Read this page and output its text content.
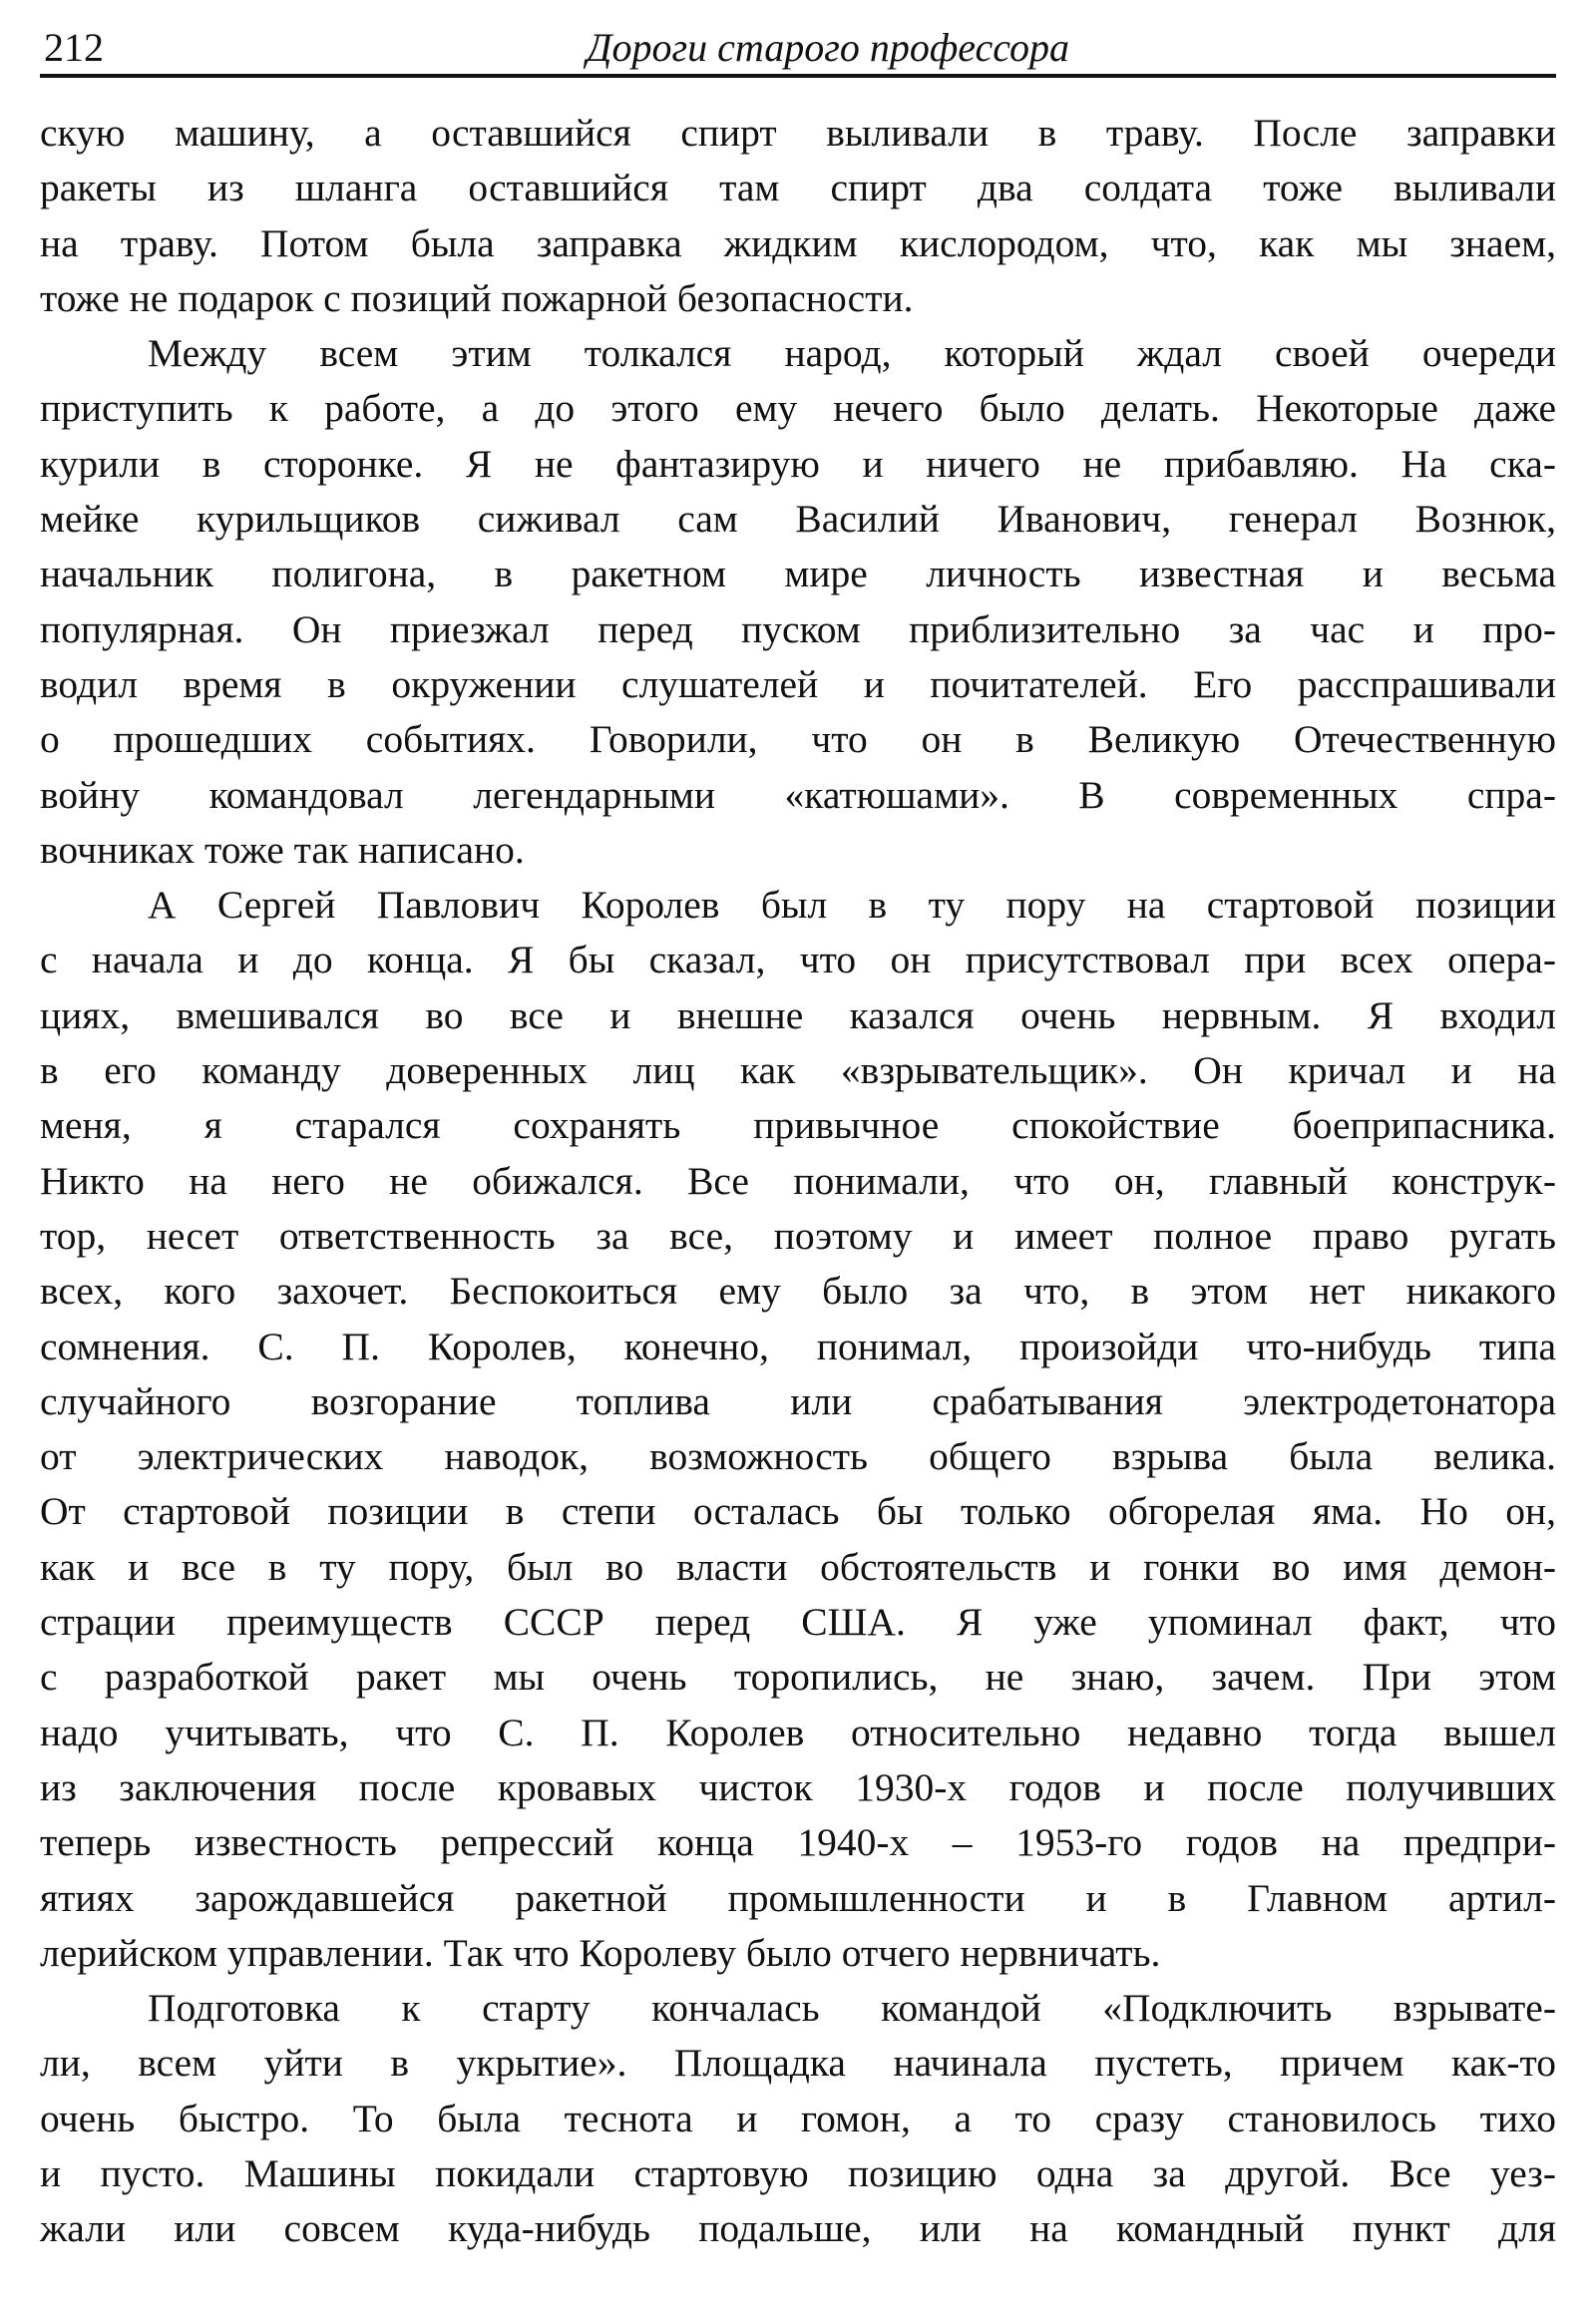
212	Дороги старого профессора
скую машину, а оставшийся спирт выливали в траву. После заправки
ракеты из шланга оставшийся там спирт два солдата тоже выливали
на траву. Потом была заправка жидким кислородом, что, как мы знаем,
тоже не подарок с позиций пожарной безопасности.
Между всем этим толкался народ, который ждал своей очереди
приступить к работе, а до этого ему нечего было делать. Некоторые даже
курили в сторонке. Я не фантазирую и ничего не прибавляю. На ска-
мейке курильщиков сиживал сам Василий Иванович, генерал Вознюк,
начальник полигона, в ракетном мире личность известная и весьма
популярная. Он приезжал перед пуском приблизительно за час и про-
водил время в окружении слушателей и почитателей. Его расспрашивали
о прошедших событиях. Говорили, что он в Великую Отечественную
войну командовал легендарными «катюшами». В современных спра-
вочниках тоже так написано.
А Сергей Павлович Королев был в ту пору на стартовой позиции
с начала и до конца. Я бы сказал, что он присутствовал при всех опера-
циях, вмешивался во все и внешне казался очень нервным. Я входил
в его команду доверенных лиц как «взрывательщик». Он кричал и на
меня, я старался сохранять привычное спокойствие боеприпасника.
Никто на него не обижался. Все понимали, что он, главный конструк-
тор, несет ответственность за все, поэтому и имеет полное право ругать
всех, кого захочет. Беспокоиться ему было за что, в этом нет никакого
сомнения. С. П. Королев, конечно, понимал, произойди что-нибудь типа
случайного возгорание топлива или срабатывания электродетонатора
от электрических наводок, возможность общего взрыва была велика.
От стартовой позиции в степи осталась бы только обгорелая яма. Но он,
как и все в ту пору, был во власти обстоятельств и гонки во имя демон-
страции преимуществ СССР перед США. Я уже упоминал факт, что
с разработкой ракет мы очень торопились, не знаю, зачем. При этом
надо учитывать, что С. П. Королев относительно недавно тогда вышел
из заключения после кровавых чисток 1930-х годов и после получивших
теперь известность репрессий конца 1940-х – 1953-го годов на предпри-
ятиях зарождавшейся ракетной промышленности и в Главном артил-
лерийском управлении. Так что Королеву было отчего нервничать.
Подготовка к старту кончалась командой «Подключить взрывате-
ли, всем уйти в укрытие». Площадка начинала пустеть, причем как-то
очень быстро. То была теснота и гомон, а то сразу становилось тихо
и пусто. Машины покидали стартовую позицию одна за другой. Все уез-
жали или совсем куда-нибудь подальше, или на командный пункт для
